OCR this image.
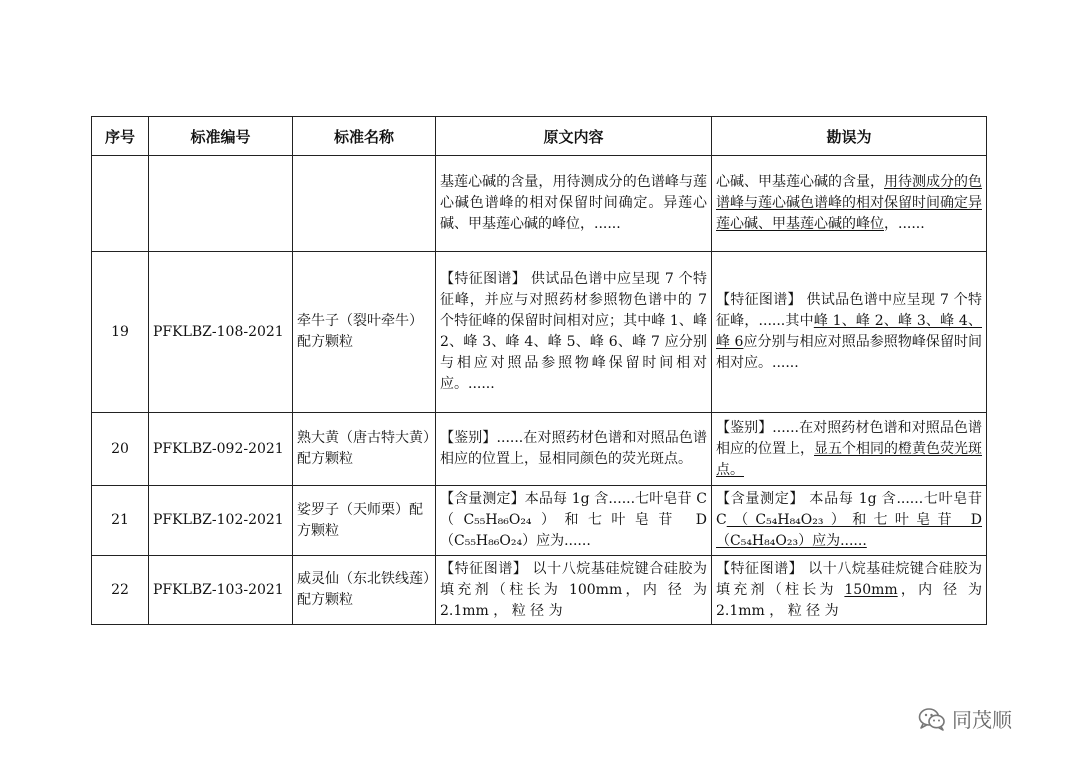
序号	标准编号	标准名称	原文内容	勘误为
			基莲心碱的含量，用待测成分的色谱峰与莲心碱色谱峰的相对保留时间确定。异莲心碱、甲基莲心碱的峰位，......	心碱、甲基莲心碱的含量，用待测成分的色谱峰与莲心碱色谱峰的相对保留时间确定异莲心碱、甲基莲心碱的峰位，......
19	PFKLBZ-108-2021	牵牛子（裂叶牵牛）配方颗粒	【特征图谱】 供试品色谱中应呈现 7 个特征峰，并应与对照药材参照物色谱中的 7 个特征峰的保留时间相对应；其中峰 1、峰 2、峰 3、峰 4、峰 5、峰 6、峰 7 应分别与相应对照品参照物峰保留时间相对应。......	【特征图谱】 供试品色谱中应呈现 7 个特征峰，......其中峰 1、峰 2、峰 3、峰 4、峰 6应分别与相应对照品参照物峰保留时间相对应。......
20	PFKLBZ-092-2021	熟大黄（唐古特大黄）配方颗粒	【鉴别】......在对照药材色谱和对照品色谱相应的位置上，显相同颜色的荧光斑点。	【鉴别】......在对照药材色谱和对照品色谱相应的位置上，显五个相同的橙黄色荧光斑点。
21	PFKLBZ-102-2021	娑罗子（天师栗）配方颗粒	【含量测定】本品每 1g 含......七叶皂苷 C（C₅₅H₈₆O₂₄）和七叶皂苷 D（C₅₅H₈₆O₂₄）应为......	【含量测定】 本品每 1g 含......七叶皂苷 C（C₅₄H₈₄O₂₃）和七叶皂苷 D（C₅₄H₈₄O₂₃）应为......
22	PFKLBZ-103-2021	威灵仙（东北铁线莲）配方颗粒	【特征图谱】 以十八烷基硅烷键合硅胶为填充剂（柱长为 100mm，内 径 为 2.1mm ， 粒 径 为	【特征图谱】 以十八烷基硅烷键合硅胶为填充剂（柱长为 150mm，内 径 为 2.1mm ， 粒 径 为
同茂顺
